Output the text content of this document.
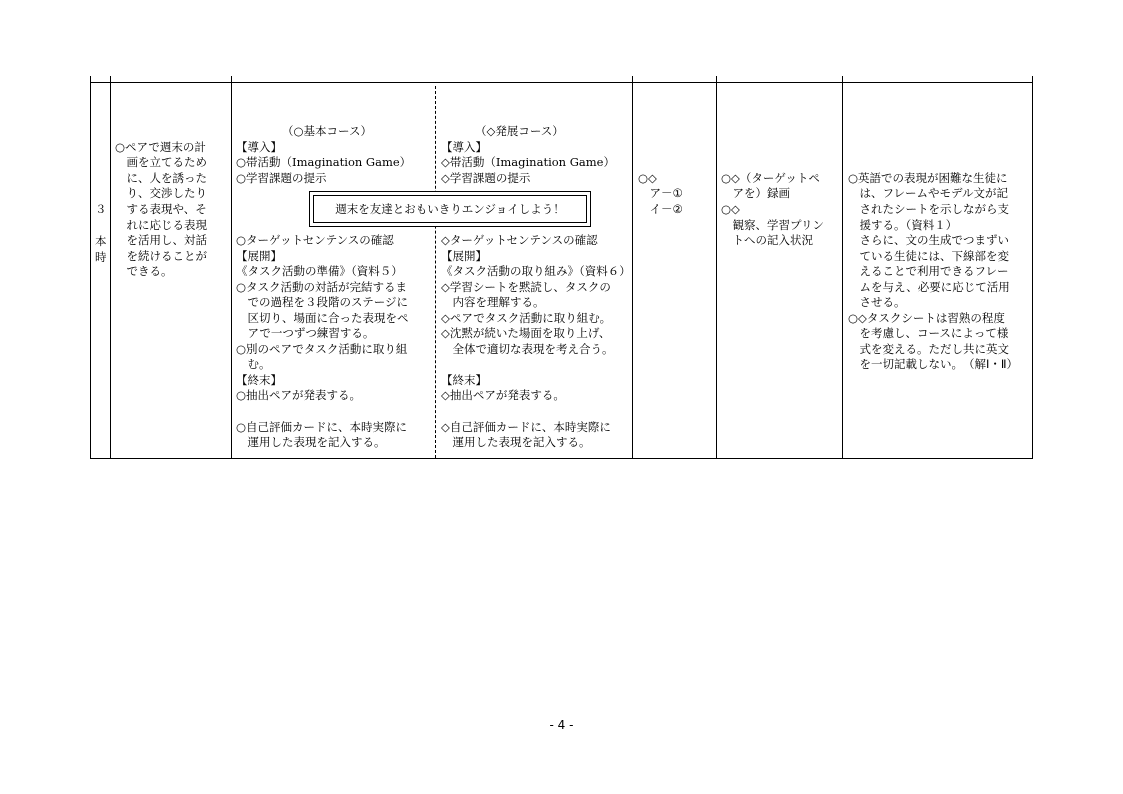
３
本
時
○ペアで週末の計
　画を立てるため
　に、人を誘った
　り、交渉したり
　する表現や、そ
　れに応じる表現
　を活用し、対話
　を続けることが
　できる。
（○基本コース）
【導入】
○帯活動（Imagination Game）
○学習課題の提示
○ターゲットセンテンスの確認
【展開】
《タスク活動の準備》（資料５）
○タスク活動の対話が完結するま
　での過程を３段階のステージに
　区切り、場面に合った表現をペ
　アで一つずつ練習する。
○別のペアでタスク活動に取り組
　む。
【終末】
○抽出ペアが発表する。
○自己評価カードに、本時実際に
　運用した表現を記入する。
（◇発展コース）
【導入】
◇帯活動（Imagination Game）
◇学習課題の提示
◇ターゲットセンテンスの確認
【展開】
《タスク活動の取り組み》（資料６）
◇学習シートを黙読し、タスクの
　内容を理解する。
◇ペアでタスク活動に取り組む。
◇沈黙が続いた場面を取り上げ、
　全体で適切な表現を考え合う。
【終末】
◇抽出ペアが発表する。
◇自己評価カードに、本時実際に
　運用した表現を記入する。
週末を友達とおもいきりエンジョイしよう！
○◇
　ア－①
　イ－②
○◇（ターゲットペ
　アを）録画
○◇
　観察、学習プリン
　トへの記入状況
○英語での表現が困難な生徒に
　は、フレームやモデル文が記
　されたシートを示しながら支
　援する。（資料１）
　さらに、文の生成でつまずい
　ている生徒には、下線部を変
　えることで利用できるフレー
　ムを与え、必要に応じて活用
　させる。
○◇タスクシートは習熟の程度
　を考慮し、コースによって様
　式を変える。ただし共に英文
　を一切記載しない。　（解Ⅰ・Ⅱ）
- 4 -
